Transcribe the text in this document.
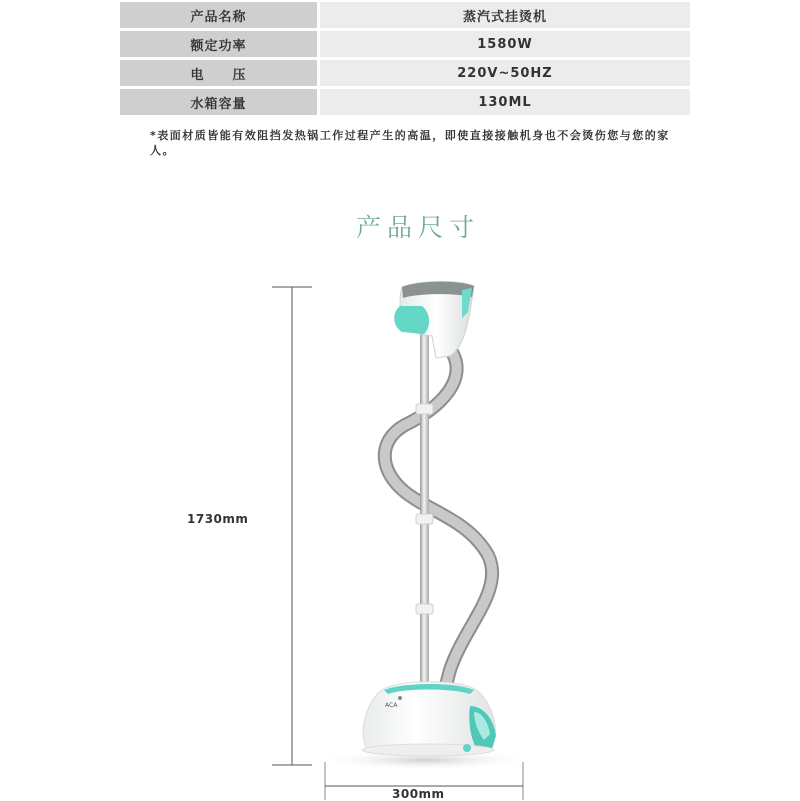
产品名称	蒸汽式挂烫机
额定功率	1580W
电　　压	220V~50HZ
水箱容量	130ML
*表面材质皆能有效阻挡发热锅工作过程产生的高温，即使直接接触机身也不会烫伤您与您的家人。
产品尺寸
ACA
1730mm
300mm
